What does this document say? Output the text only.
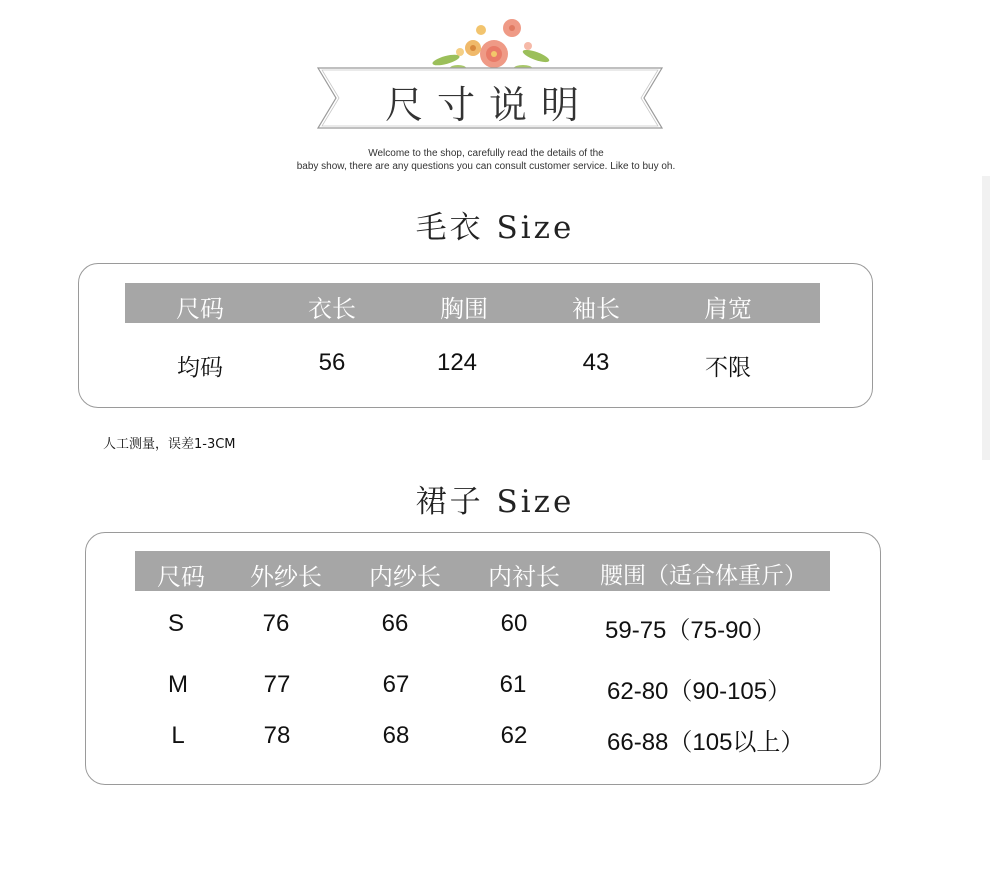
尺寸说明
Welcome to the shop, carefully read the details of the
baby show, there are any questions you can consult customer service. Like to buy oh.
毛衣 Size
尺码	衣长	胸围	袖长	肩宽
均码	56	124	43	不限
人工测量，误差1-3CM
裙子 Size
尺码	外纱长	内纱长	内衬长	腰围（适合体重斤）
S	76	66	60	59-75（75-90）
M	77	67	61	62-80（90-105）
L	78	68	62	66-88（105以上）
